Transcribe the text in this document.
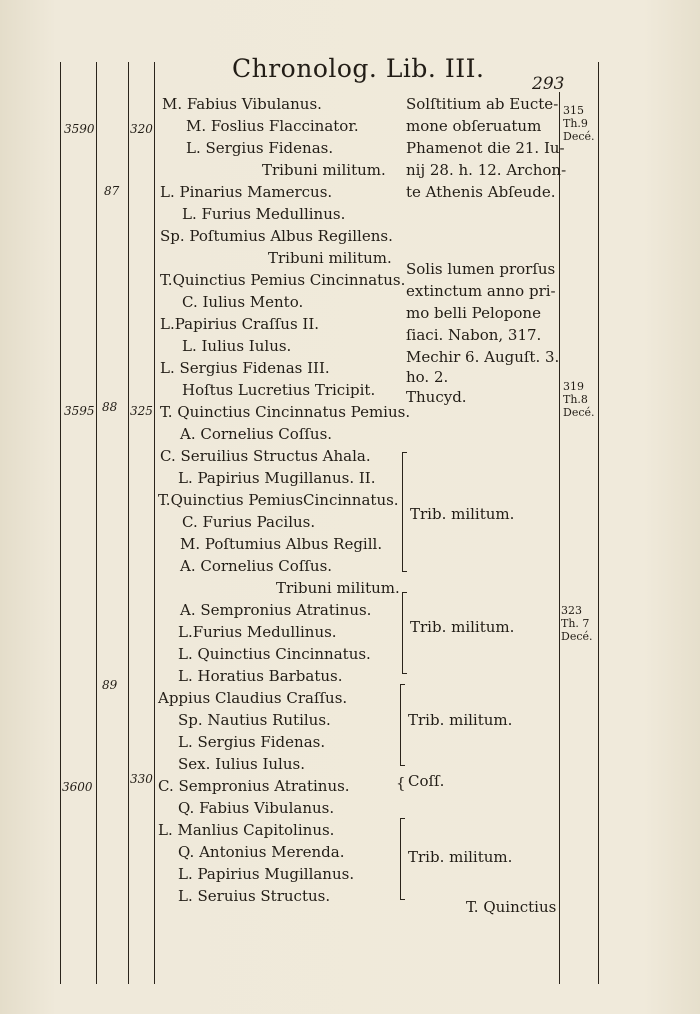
Chronolog. Lib. III.
293
3590
3595
3600
87
88
89
320
325
330
M. Fabius Vibulanus.
M. Foslius Flaccinator.
L. Sergius Fidenas.
Tribuni militum.
L. Pinarius Mamercus.
L. Furius Medullinus.
Sp. Poſtumius Albus Regillens.
Tribuni militum.
T.Quinctius Pemius Cincinnatus.
C. Iulius Mento.
L.Papirius Craſſus II.
L. Iulius Iulus.
L. Sergius Fidenas III.
Hoſtus Lucretius Tricipit.
T. Quinctius Cincinnatus Pemius.
A. Cornelius Coſſus.
C. Seruilius Structus Ahala.
L. Papirius Mugillanus. II.
T.Quinctius PemiusCincinnatus.
C. Furius Pacilus.
M. Poſtumius Albus Regill.
A. Cornelius Coſſus.
Tribuni militum.
A. Sempronius Atratinus.
L.Furius Medullinus.
L. Quinctius Cincinnatus.
L. Horatius Barbatus.
Appius Claudius Craſſus.
Sp. Nautius Rutilus.
L. Sergius Fidenas.
Sex. Iulius Iulus.
C. Sempronius Atratinus.
Q. Fabius Vibulanus.
L. Manlius Capitolinus.
Q. Antonius Merenda.
L. Papirius Mugillanus.
L. Seruius Structus.
Solſtitium ab Eucte-
mone obſeruatum
Phamenot die 21. Iu-
nij 28. h. 12. Archon-
te Athenis Abſeude.
Solis lumen prorſus
extinctum anno pri-
mo belli Pelopone
ſiaci. Nabon, 317.
Mechir 6. Auguſt. 3.
ho. 2.
Thucyd.
Trib. militum.
Trib. militum.
Trib. militum.
{ Coſſ.
Trib. militum.
T. Quinctius
315
Th.9
Decé.
319
Th.8
Decé.
323
Th. 7
Decé.
